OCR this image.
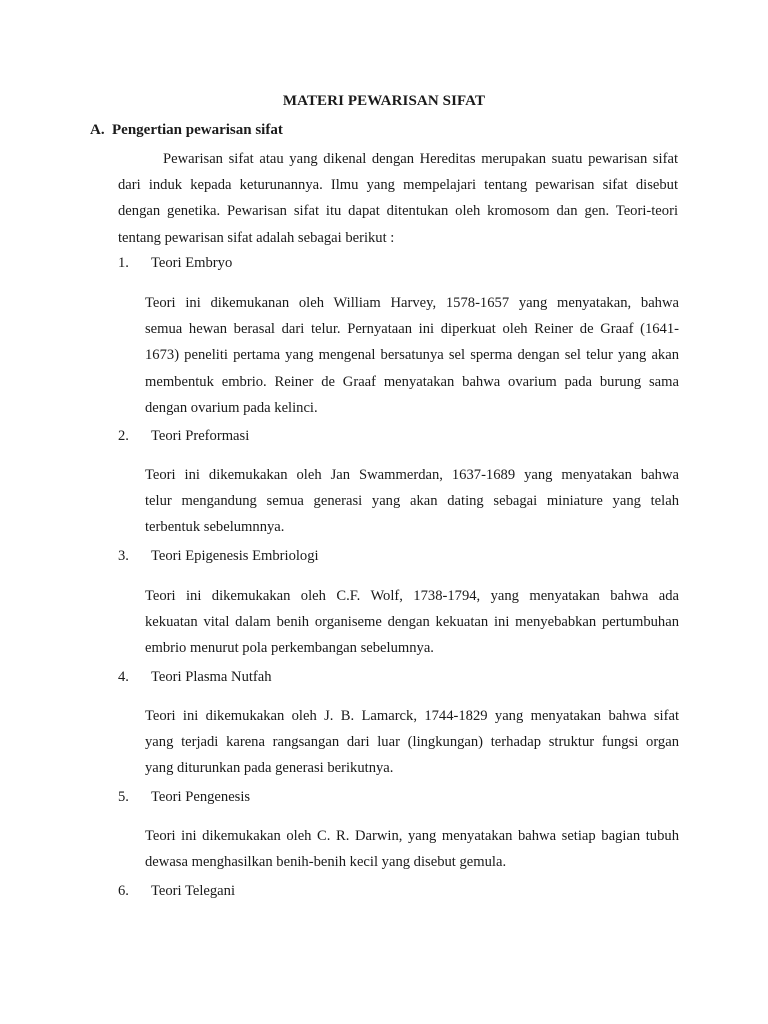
MATERI PEWARISAN SIFAT
A. Pengertian pewarisan sifat
Pewarisan sifat atau yang dikenal dengan Hereditas merupakan suatu pewarisan sifat
dari induk kepada keturunannya. Ilmu yang mempelajari tentang pewarisan sifat disebut
dengan genetika. Pewarisan sifat itu dapat ditentukan oleh kromosom dan gen. Teori-teori
tentang pewarisan sifat adalah sebagai berikut :
1. Teori Embryo
Teori ini dikemukanan oleh William Harvey, 1578-1657 yang menyatakan, bahwa
semua hewan berasal dari telur. Pernyataan ini diperkuat oleh Reiner de Graaf (1641-
1673) peneliti pertama yang mengenal bersatunya sel sperma dengan sel telur yang akan
membentuk embrio. Reiner de Graaf menyatakan bahwa ovarium pada burung sama
dengan ovarium pada kelinci.
2. Teori Preformasi
Teori ini dikemukakan oleh Jan Swammerdan, 1637-1689 yang menyatakan bahwa
telur mengandung semua generasi yang akan dating sebagai miniature yang telah
terbentuk sebelumnnya.
3. Teori Epigenesis Embriologi
Teori ini dikemukakan oleh C.F. Wolf, 1738-1794, yang menyatakan bahwa ada
kekuatan vital dalam benih organiseme dengan kekuatan ini menyebabkan pertumbuhan
embrio menurut pola perkembangan sebelumnya.
4. Teori Plasma Nutfah
Teori ini dikemukakan oleh J. B. Lamarck, 1744-1829 yang menyatakan bahwa sifat
yang terjadi karena rangsangan dari luar (lingkungan) terhadap struktur fungsi organ
yang diturunkan pada generasi berikutnya.
5. Teori Pengenesis
Teori ini dikemukakan oleh C. R. Darwin, yang menyatakan bahwa setiap bagian tubuh
dewasa menghasilkan benih-benih kecil yang disebut gemula.
6. Teori Telegani
